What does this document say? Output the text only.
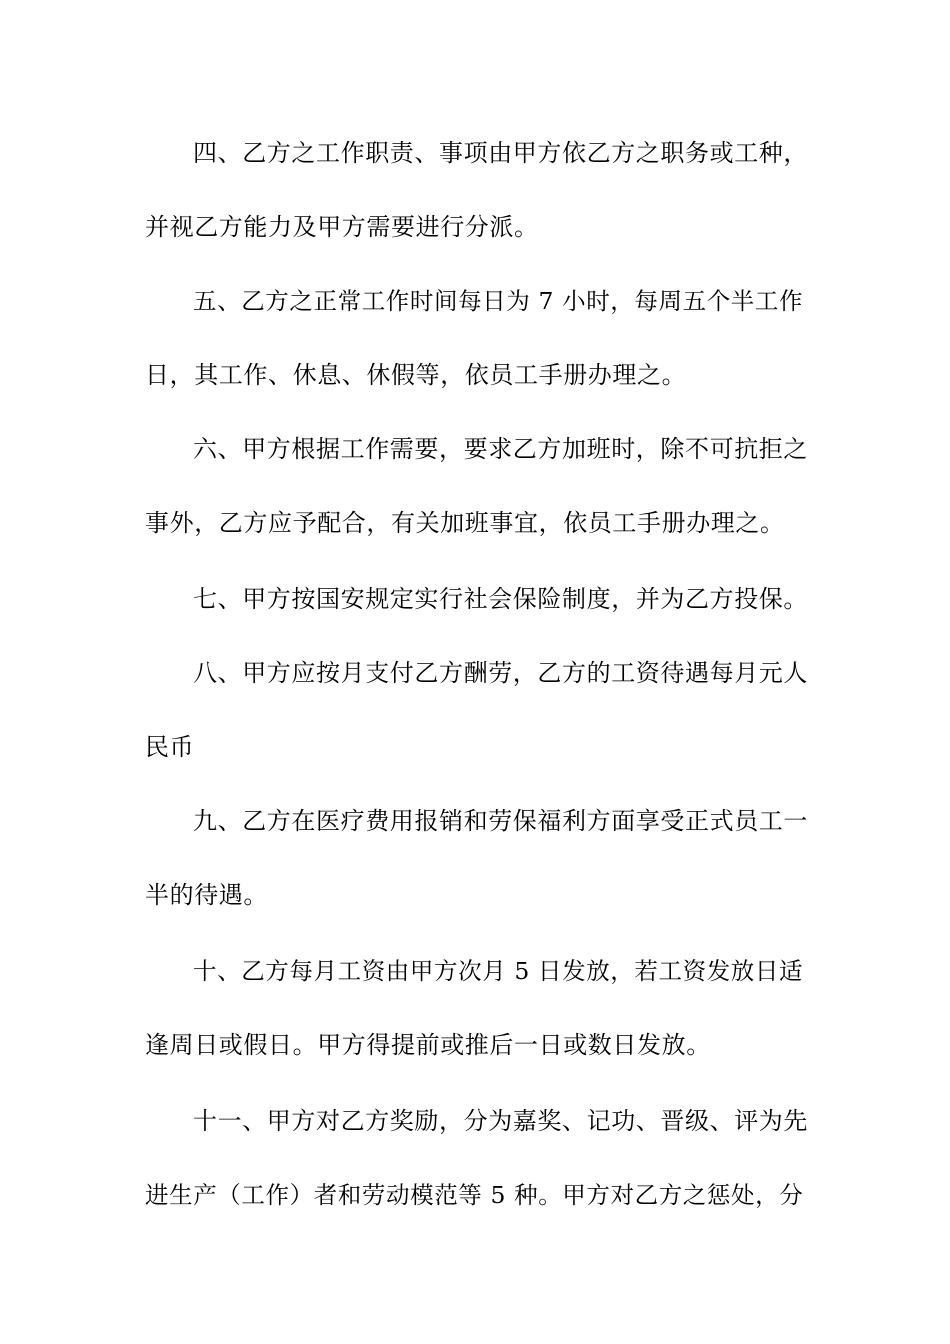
四、乙方之工作职责、事项由甲方依乙方之职务或工种，
并视乙方能力及甲方需要进行分派。
五、乙方之正常工作时间每日为 7 小时，每周五个半工作
日，其工作、休息、休假等，依员工手册办理之。
六、甲方根据工作需要，要求乙方加班时，除不可抗拒之
事外，乙方应予配合，有关加班事宜，依员工手册办理之。
七、甲方按国安规定实行社会保险制度，并为乙方投保。
八、甲方应按月支付乙方酬劳，乙方的工资待遇每月元人
民币
九、乙方在医疗费用报销和劳保福利方面享受正式员工一
半的待遇。
十、乙方每月工资由甲方次月 5 日发放，若工资发放日适
逢周日或假日。甲方得提前或推后一日或数日发放。
十一、甲方对乙方奖励，分为嘉奖、记功、晋级、评为先
进生产（工作）者和劳动模范等 5 种。甲方对乙方之惩处，分
